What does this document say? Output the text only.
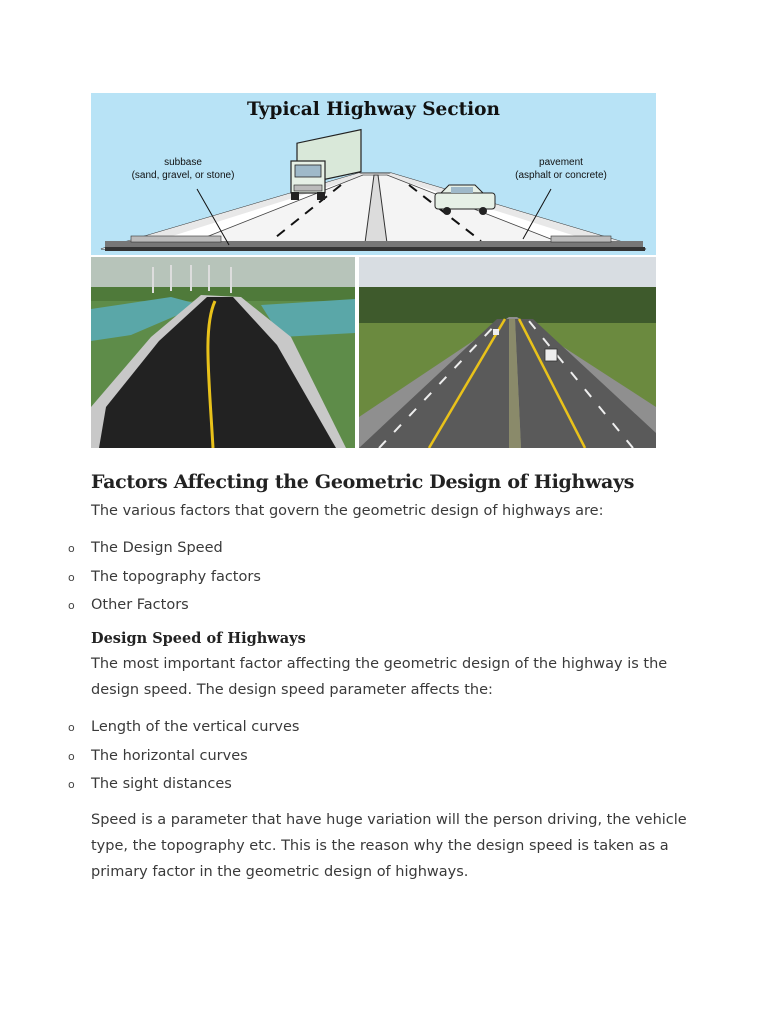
Typical Highway Section
subbase
(sand, gravel, or stone)
pavement
(asphalt or concrete)
Factors Affecting the Geometric Design of Highways

The various factors that govern the geometric design of highways are:

o The Design Speed
o The topography factors
o Other Factors
Design Speed of Highways

The most important factor affecting the geometric design of the highway is the design speed. The design speed parameter affects the:

o Length of the vertical curves
o The horizontal curves
o The sight distances

Speed is a parameter that have huge variation will the person driving, the vehicle type, the topography etc. This is the reason why the design speed is taken as a primary factor in the geometric design of highways.
